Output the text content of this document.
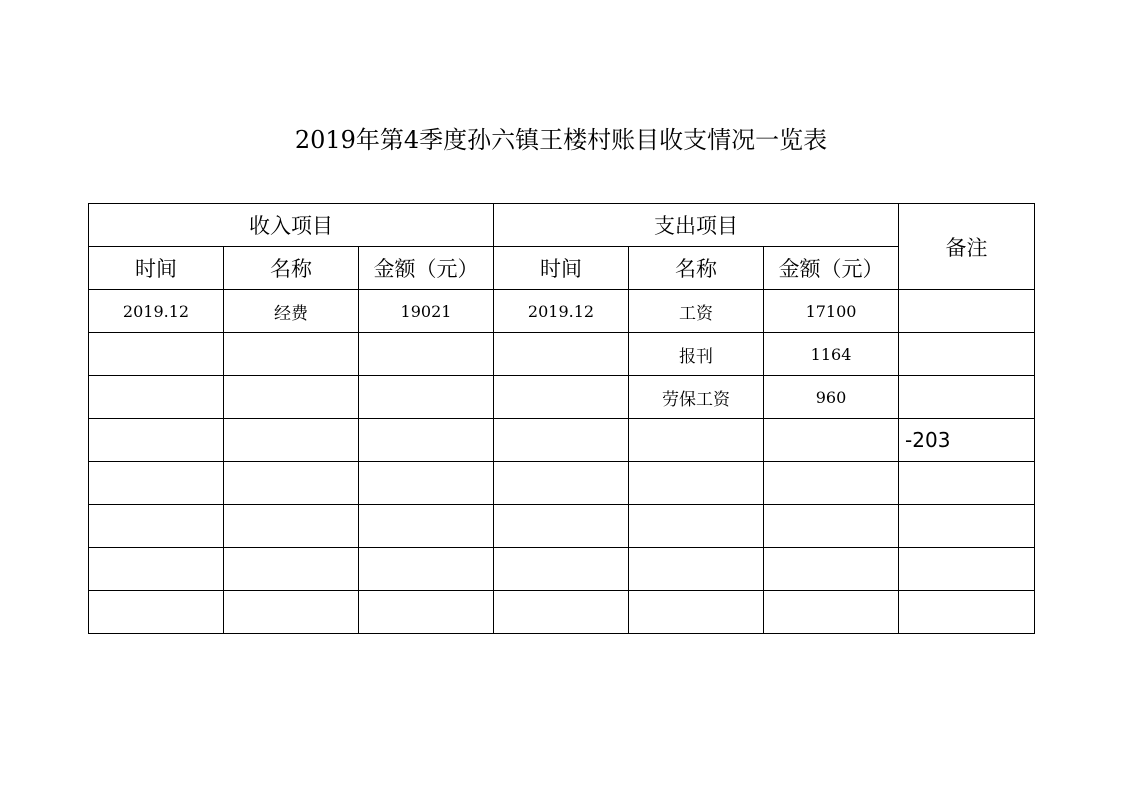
2019年第4季度孙六镇王楼村账目收支情况一览表
收入项目			支出项目			备注
时间	名称	金额（元）	时间	名称	金额（元）	
2019.12	经费	19021	2019.12	工资	17100	
				报刊	1164	
				劳保工资	960	
						-203
